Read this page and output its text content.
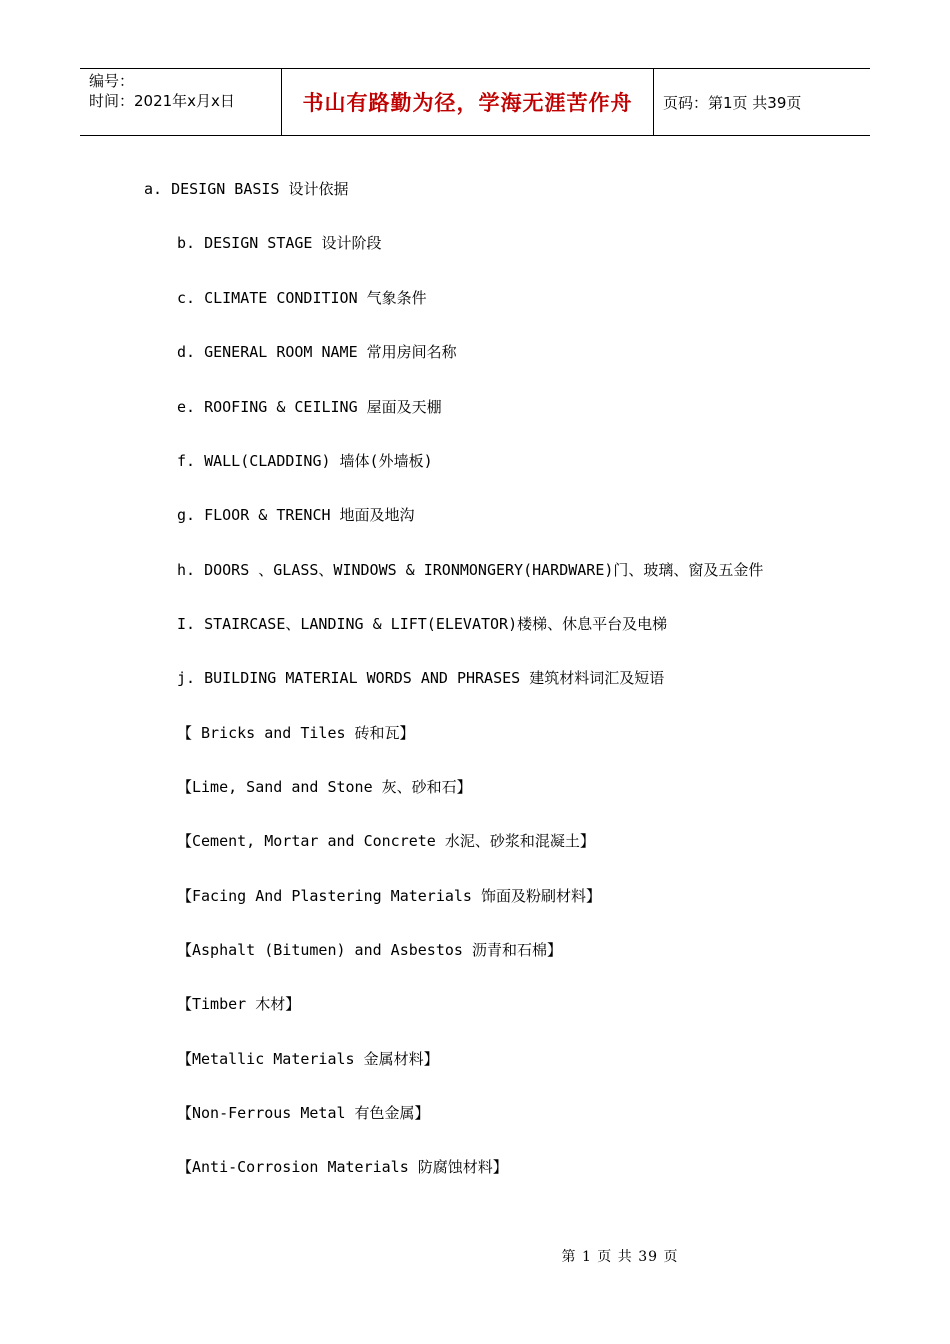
编号：
时间：2021年x月x日	书山有路勤为径，学海无涯苦作舟	页码：第1页 共39页
a. DESIGN BASIS 设计依据
b. DESIGN STAGE 设计阶段
c. CLIMATE CONDITION 气象条件
d. GENERAL ROOM NAME 常用房间名称
e. ROOFING & CEILING 屋面及天棚
f. WALL(CLADDING) 墙体(外墙板)
g. FLOOR & TRENCH 地面及地沟
h. DOORS 、GLASS、WINDOWS & IRONMONGERY(HARDWARE)门、玻璃、窗及五金件
I. STAIRCASE、LANDING & LIFT(ELEVATOR)楼梯、休息平台及电梯
j. BUILDING MATERIAL WORDS AND PHRASES 建筑材料词汇及短语
【 Bricks and Tiles 砖和瓦】
【Lime, Sand and Stone 灰、砂和石】
【Cement, Mortar and Concrete 水泥、砂浆和混凝土】
【Facing And Plastering Materials 饰面及粉刷材料】
【Asphalt (Bitumen) and Asbestos 沥青和石棉】
【Timber 木材】
【Metallic Materials 金属材料】
【Non-Ferrous Metal 有色金属】
【Anti-Corrosion Materials 防腐蚀材料】
第 1 页 共 39 页
